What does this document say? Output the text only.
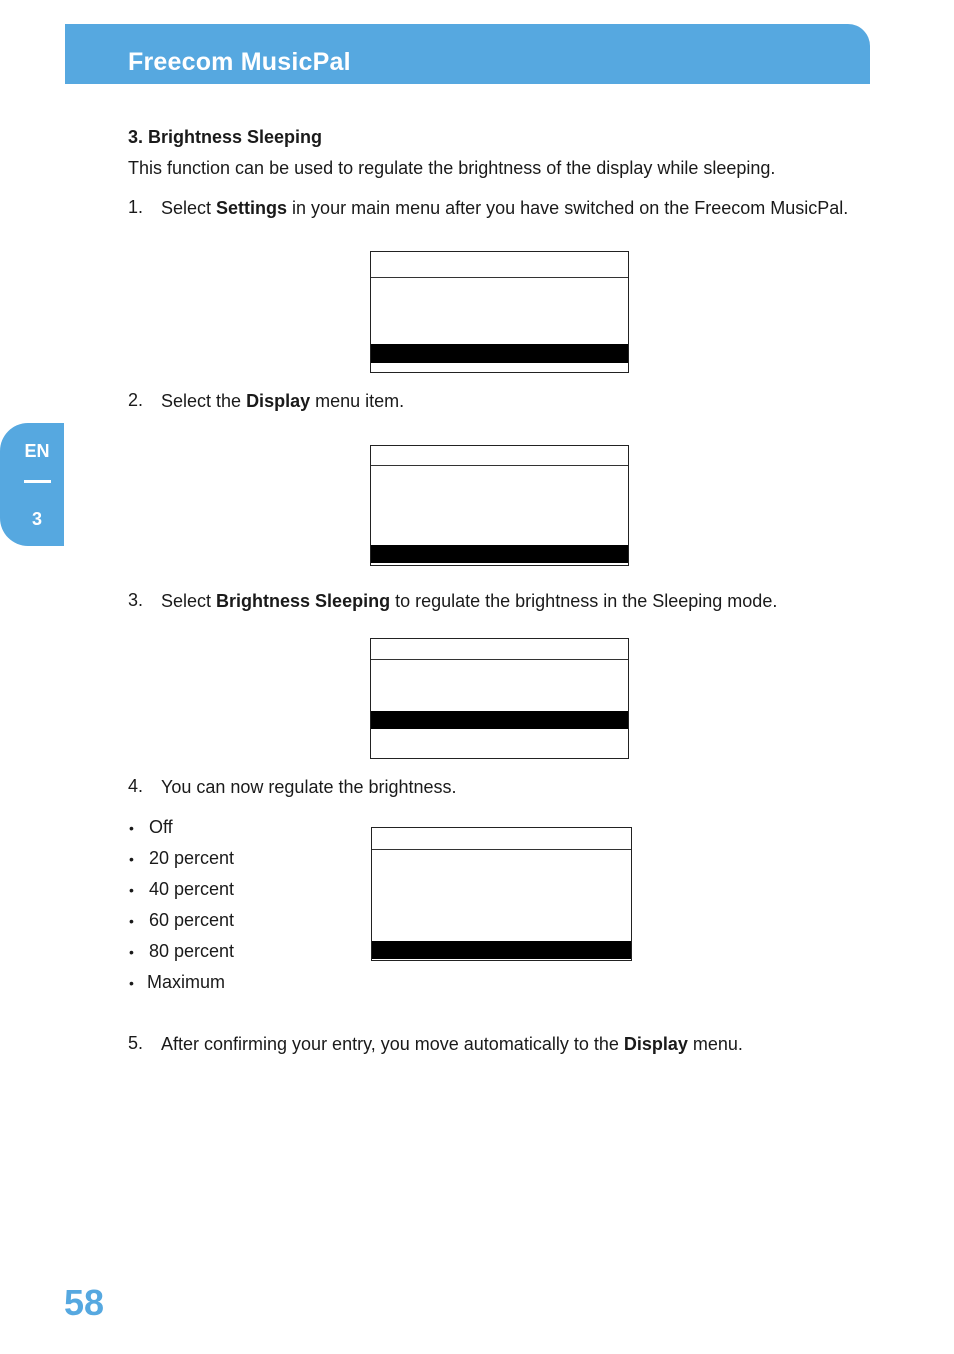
Freecom MusicPal
EN
3
3. Brightness Sleeping
This function can be used to regulate the brightness of the display while sleeping.
1. Select Settings in your main menu after you have switched on the Freecom MusicPal.
2. Select the Display menu item.
3. Select Brightness Sleeping to regulate the brightness in the Sleeping mode.
4. You can now regulate the brightness.
• Off
• 20 percent
• 40 percent
• 60 percent
• 80 percent
• Maximum
5. After confirming your entry, you move automatically to the Display menu.
58
